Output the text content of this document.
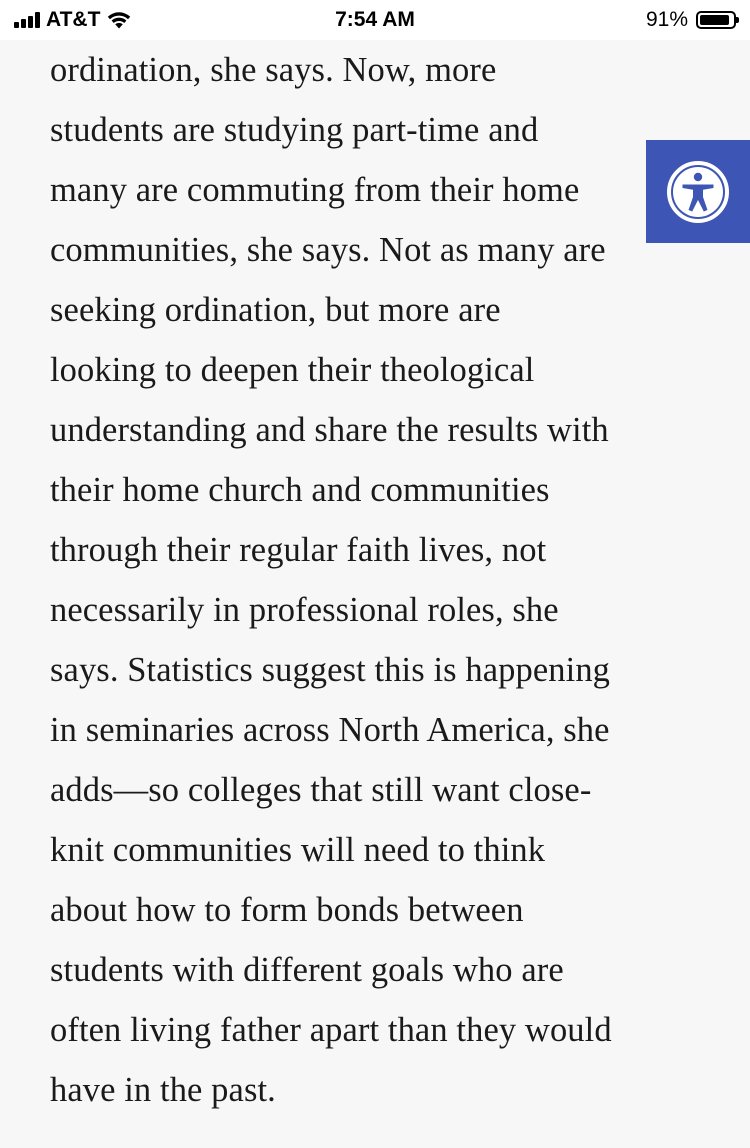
AT&T	7:54 AM	91%

ordination, she says. Now, more
students are studying part-time and
many are commuting from their home
communities, she says. Not as many are
seeking ordination, but more are
looking to deepen their theological
understanding and share the results with
their home church and communities
through their regular faith lives, not
necessarily in professional roles, she
says. Statistics suggest this is happening
in seminaries across North America, she
adds—so colleges that still want close-
knit communities will need to think
about how to form bonds between
students with different goals who are
often living father apart than they would
have in the past.
